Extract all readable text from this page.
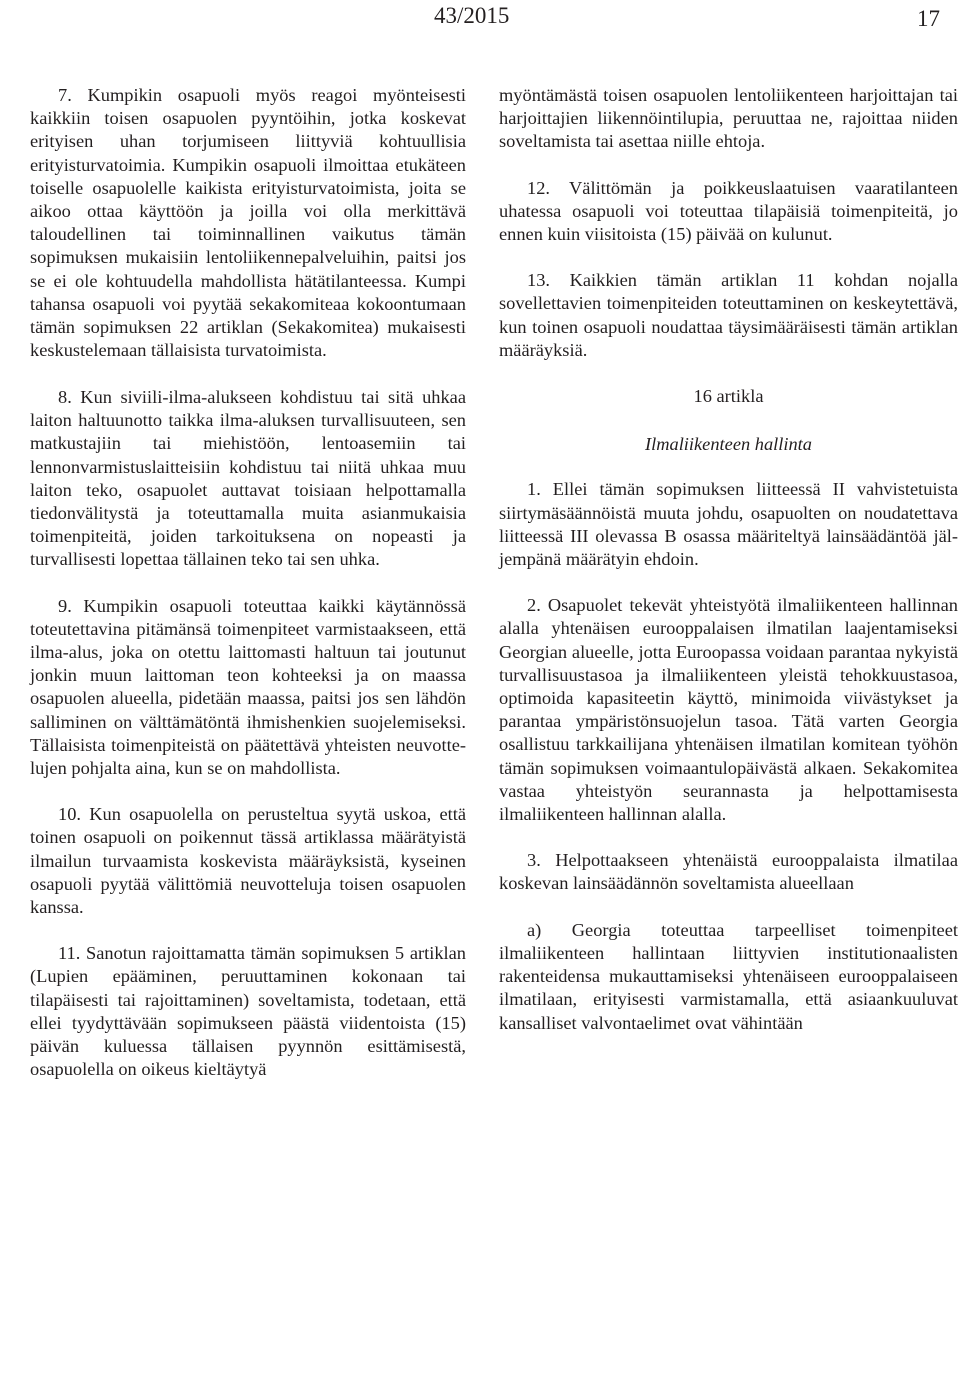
43/2015	17

7. Kumpikin osapuoli myös reagoi myönteisesti kaikkiin toisen osapuolen pyyntöihin, jotka koskevat erityisen uhan torjumiseen liittyviä kohtuullisia erityisturvatoimia. Kumpikin osapuoli ilmoittaa etukäteen toiselle osapuolelle kaikista erityisturvatoimista, joita se aikoo ottaa käyttöön ja joilla voi olla merkittävä taloudellinen tai toiminnallinen vaikutus tämän sopimuksen mukaisiin lentoliikennepalveluihin, paitsi jos se ei ole kohtuudella mahdollista hätätilanteessa. Kumpi tahansa osapuoli voi pyytää sekakomiteaa kokoontumaan tämän sopimuksen 22 artiklan (Sekakomitea) mukaisesti keskustelemaan tällaisista turvatoimista.

8. Kun siviili-ilma-alukseen kohdistuu tai sitä uhkaa laiton haltuunotto taikka ilma-aluksen turvallisuuteen, sen matkustajiin tai miehistöön, lentoasemiin tai lennonvarmistuslaitteisiin kohdistuu tai niitä uhkaa muu laiton teko, osapuolet auttavat toisiaan helpottamalla tiedonvälitystä ja toteuttamalla muita asianmukaisia toimenpiteitä, joiden tarkoituksena on nopeasti ja turvallisesti lopettaa tällainen teko tai sen uhka.

9. Kumpikin osapuoli toteuttaa kaikki käytännössä toteutettavina pitämänsä toimenpiteet varmistaakseen, että ilma-alus, joka on otettu laittomasti haltuun tai joutunut jonkin muun laittoman teon kohteeksi ja on maassa osapuolen alueella, pidetään maassa, paitsi jos sen lähdön salliminen on välttämätöntä ihmishenkien suojelemiseksi. Tällaisista toimenpiteistä on päätettävä yhteisten neuvottelujen pohjalta aina, kun se on mahdollista.

10. Kun osapuolella on perusteltua syytä uskoa, että toinen osapuoli on poikennut tässä artiklassa määrätyistä ilmailun turvaamista koskevista määräyksistä, kyseinen osapuoli pyytää välittömiä neuvotteluja toisen osapuolen kanssa.

11. Sanotun rajoittamatta tämän sopimuksen 5 artiklan (Lupien epääminen, peruuttaminen kokonaan tai tilapäisesti tai rajoittaminen) soveltamista, todetaan, että ellei tyydyttävään sopimukseen päästä viidentoista (15) päivän kuluessa tällaisen pyynnön esittämisestä, osapuolella on oikeus kieltäytyä

myöntämästä toisen osapuolen lentoliikenteen harjoittajan tai harjoittajien liikennöintilupia, peruuttaa ne, rajoittaa niiden soveltamista tai asettaa niille ehtoja.

12. Välittömän ja poikkeuslaatuisen vaaratilanteen uhatessa osapuoli voi toteuttaa tilapäisiä toimenpiteitä, jo ennen kuin viisitoista (15) päivää on kulunut.

13. Kaikkien tämän artiklan 11 kohdan nojalla sovellettavien toimenpiteiden toteuttaminen on keskeytettävä, kun toinen osapuoli noudattaa täysimääräisesti tämän artiklan määräyksiä.

16 artikla
Ilmaliikenteen hallinta

1. Ellei tämän sopimuksen liitteessä II vahvistetuista siirtymäsäännöistä muuta johdu, osapuolten on noudatettava liitteessä III olevassa B osassa määriteltyä lainsäädäntöä jäljempänä määrätyin ehdoin.

2. Osapuolet tekevät yhteistyötä ilmaliikenteen hallinnan alalla yhtenäisen eurooppalaisen ilmatilan laajentamiseksi Georgian alueelle, jotta Euroopassa voidaan parantaa nykyistä turvallisuustasoa ja ilmaliikenteen yleistä tehokkuustasoa, optimoida kapasiteetin käyttö, minimoida viivästykset ja parantaa ympäristönsuojelun tasoa. Tätä varten Georgia osallistuu tarkkailijana yhtenäisen ilmatilan komitean työhön tämän sopimuksen voimaantulopäivästä alkaen. Sekakomitea vastaa yhteistyön seurannasta ja helpottamisesta ilmaliikenteen hallinnan alalla.

3. Helpottaakseen yhtenäistä eurooppalaista ilmatilaa koskevan lainsäädännön soveltamista alueellaan

a) Georgia toteuttaa tarpeelliset toimenpiteet ilmaliikenteen hallintaan liittyvien institutionaalisten rakenteidensa mukauttamiseksi yhtenäiseen eurooppalaiseen ilmatilaan, erityisesti varmistamalla, että asiaankuuluvat kansalliset valvontaelimet ovat vähintään
